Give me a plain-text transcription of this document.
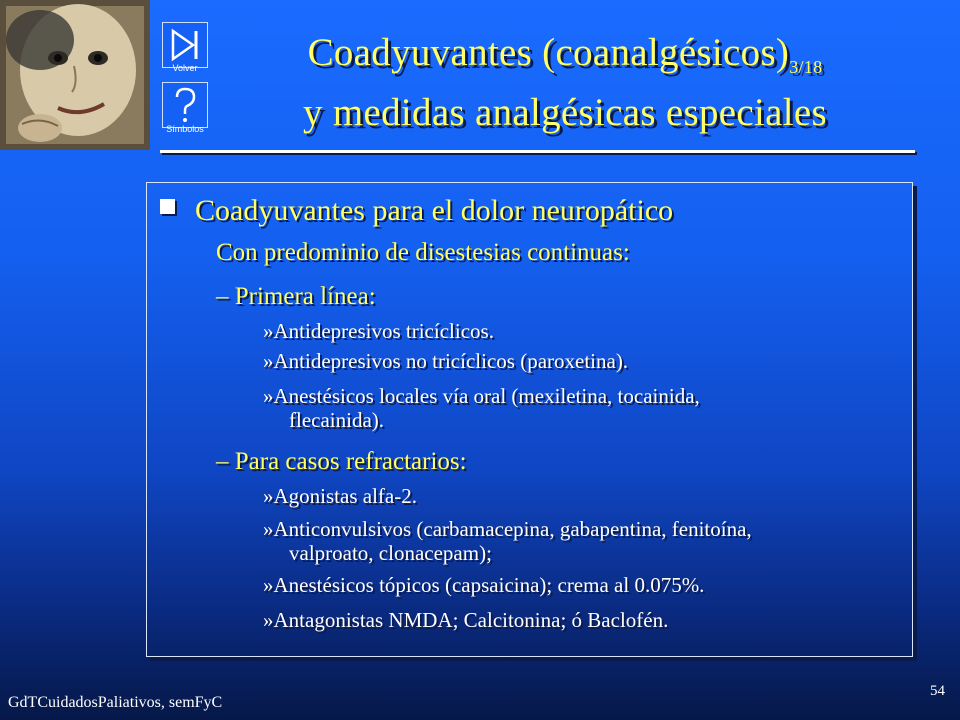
Volver
Símbolos
Coadyuvantes $(coanalgésicos)_{3/18}$
y medidas analgésicas especiales
Coadyuvantes para el dolor neuropático
Con predominio de disestesias continuas:
– Primera línea:
»Antidepresivos tricíclicos.
»Antidepresivos no tricíclicos (paroxetina).
»Anestésicos locales vía oral (mexiletina, tocainida,
flecainida).
– Para casos refractarios:
»Agonistas alfa-2.
»Anticonvulsivos (carbamacepina, gabapentina, fenitoína,
valproato, clonacepam);
»Anestésicos tópicos (capsaicina); crema al 0.075%.
»Antagonistas NMDA; Calcitonina; ó Baclofén.
GdTCuidadosPaliativos, semFyC
54
